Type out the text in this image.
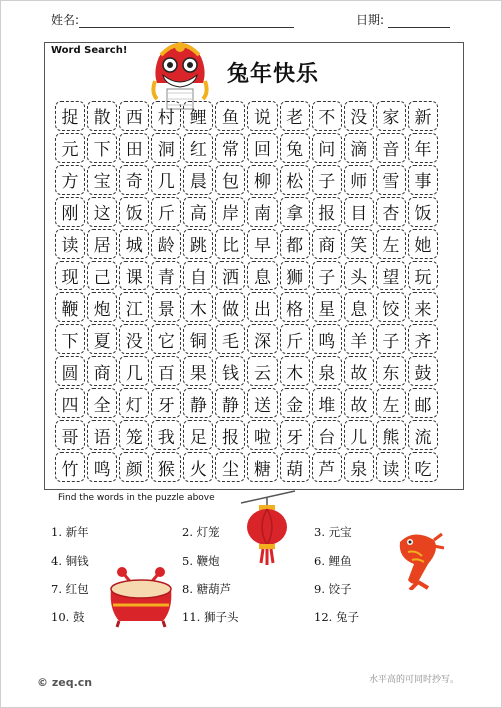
姓名:	日期:
Word Search!
兔年快乐
捉 散 西 村 鲤 鱼 说 老 不 没 家 新
元 下 田 洞 红 常 回 兔 问 滴 音 年
方 宝 奇 几 晨 包 柳 松 子 师 雪 事
刚 这 饭 斤 高 岸 南 拿 报 目 杏 饭
读 居 城 龄 跳 比 早 都 商 笑 左 她
现 己 课 青 自 洒 息 狮 子 头 望 玩
鞭 炮 江 景 木 做 出 格 星 息 饺 来
下 夏 没 它 铜 毛 深 斤 鸣 羊 子 齐
圆 商 几 百 果 钱 云 木 泉 故 东 鼓
四 全 灯 牙 静 静 送 金 堆 故 左 邮
哥 语 笼 我 足 报 啦 牙 台 儿 熊 流
竹 鸣 颜 猴 火 尘 糖 葫 芦 泉 读 吃
Find the words in the puzzle above
1. 新年	2. 灯笼	3. 元宝
4. 铜钱	5. 鞭炮	6. 鲤鱼
7. 红包	8. 糖葫芦	9. 饺子
10. 鼓	11. 狮子头	12. 兔子
© zeq.cn	水平高的可同时抄写。
